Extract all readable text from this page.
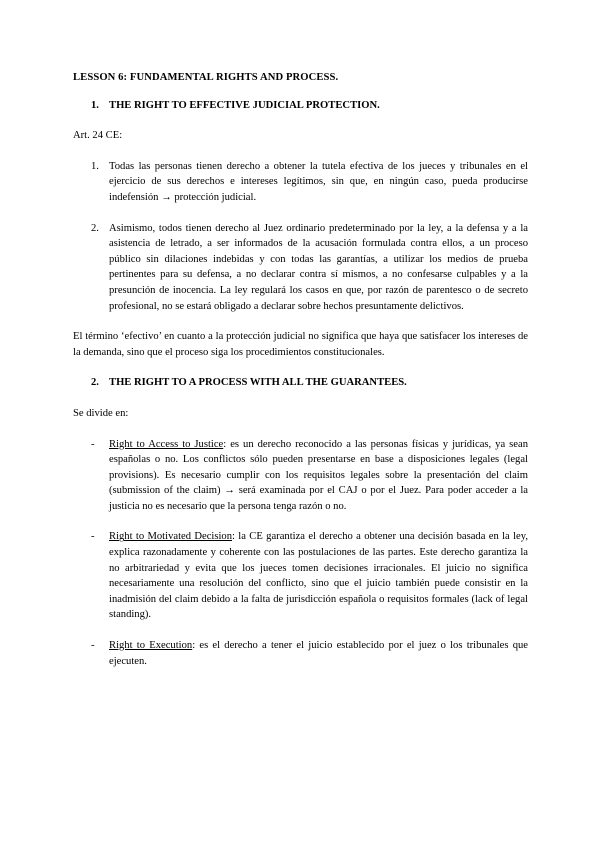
LESSON 6: FUNDAMENTAL RIGHTS AND PROCESS.

1. THE RIGHT TO EFFECTIVE JUDICIAL PROTECTION.

Art. 24 CE:

1. Todas las personas tienen derecho a obtener la tutela efectiva de los jueces y tribunales en el ejercicio de sus derechos e intereses legítimos, sin que, en ningún caso, pueda producirse indefensión → protección judicial.
2. Asimismo, todos tienen derecho al Juez ordinario predeterminado por la ley, a la defensa y a la asistencia de letrado, a ser informados de la acusación formulada contra ellos, a un proceso público sin dilaciones indebidas y con todas las garantías, a utilizar los medios de prueba pertinentes para su defensa, a no declarar contra sí mismos, a no confesarse culpables y a la presunción de inocencia. La ley regulará los casos en que, por razón de parentesco o de secreto profesional, no se estará obligado a declarar sobre hechos presuntamente delictivos.

El término ‘efectivo’ en cuanto a la protección judicial no significa que haya que satisfacer los intereses de la demanda, sino que el proceso siga los procedimientos constitucionales.

2. THE RIGHT TO A PROCESS WITH ALL THE GUARANTEES.

Se divide en:

-	Right to Access to Justice: es un derecho reconocido a las personas físicas y jurídicas, ya sean españolas o no. Los conflictos sólo pueden presentarse en base a disposiciones legales (legal provisions). Es necesario cumplir con los requisitos legales sobre la presentación del claim (submission of the claim) → será examinada por el CAJ o por el Juez. Para poder acceder a la justicia no es necesario que la persona tenga razón o no.
-	Right to Motivated Decision: la CE garantiza el derecho a obtener una decisión basada en la ley, explica razonadamente y coherente con las postulaciones de las partes. Este derecho garantiza la no arbitrariedad y evita que los jueces tomen decisiones irracionales. El juicio no significa necesariamente una resolución del conflicto, sino que el juicio también puede consistir en la inadmisión del claim debido a la falta de jurisdicción española o requisitos formales (lack of legal standing).
-	Right to Execution: es el derecho a tener el juicio establecido por el juez o los tribunales que ejecuten.
